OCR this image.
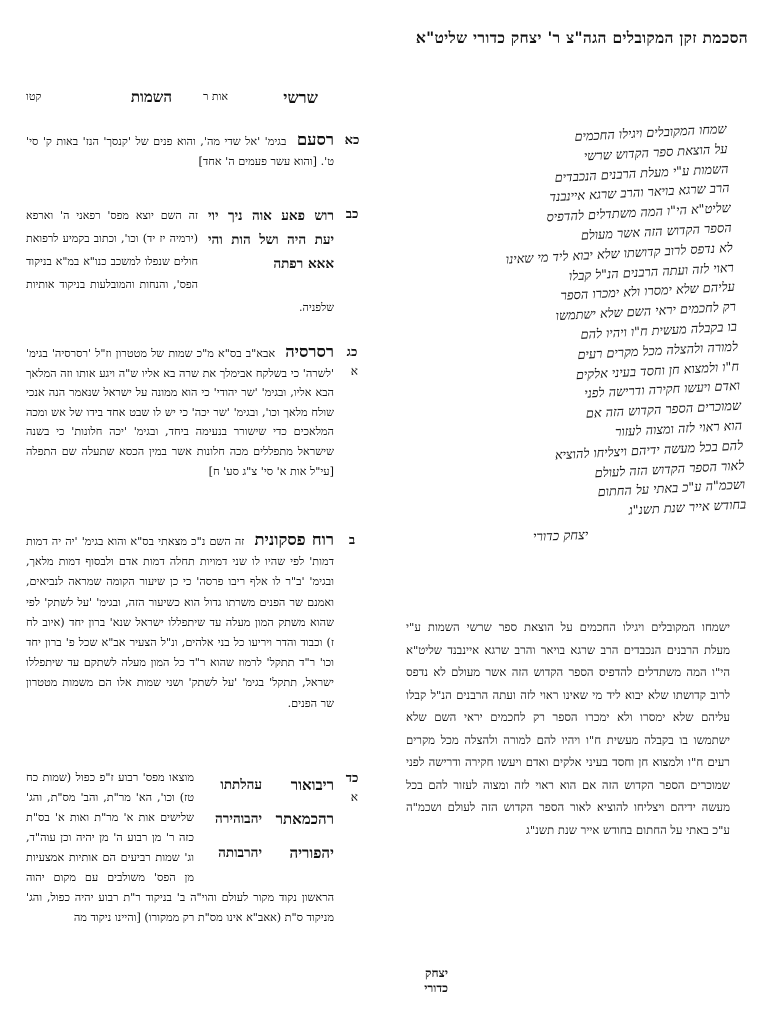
הסכמת זקן המקובלים הגה"צ ר' יצחק כדורי שליט"א
שמחו המקובלים ויגילו החכמים
על הוצאת ספר הקדוש שרשי
השמות ע"י מעלת הרבנים הנכבדים
הרב שרגא בויאר והרב שרגא איינבנד
שליט"א הי"ו המה משתדלים להדפיס
הספר הקדוש הזה אשר מעולם
לא נדפס לרוב קדושתו שלא יבוא ליד מי שאינו
ראוי לזה ועתה הרבנים הנ"ל קבלו
עליהם שלא ימסרו ולא ימכרו הספר
רק לחכמים יראי השם שלא ישתמשו
בו בקבלה מעשית ח"ו ויהיו להם
למורה ולהצלה מכל מקרים רעים
ח"ו ולמצוא חן וחסד בעיני אלקים
ואדם ויעשו חקירה ודרישה לפני
שמוכרים הספר הקדוש הזה אם
הוא ראוי לזה ומצוה לעזור
להם בכל מעשה ידיהם ויצליחו להוציא
לאור הספר הקדוש הזה לעולם
ושכמ"ה ע"כ באתי על החתום
בחודש אייר שנת תשנ"ג
יצחק כדורי
ישמחו המקובלים ויגילו החכמים על הוצאת ספר שרשי השמות ע"י מעלת הרבנים הנכבדים הרב שרגא בויאר והרב שרגא איינבנד שליט"א הי"ו המה משתדלים להדפיס הספר הקדוש הזה אשר מעולם לא נדפס לרוב קדושתו שלא יבוא ליד מי שאינו ראוי לזה ועתה הרבנים הנ"ל קבלו עליהם שלא ימסרו ולא ימכרו הספר רק לחכמים יראי השם שלא ישתמשו בו בקבלה מעשית ח"ו ויהיו להם למורה ולהצלה מכל מקרים רעים ח"ו ולמצוא חן וחסד בעיני אלקים ואדם ויעשו חקירה ודרישה לפני שמוכרים הספר הקדוש הזה אם הוא ראוי לזה ומצוה לעזור להם בכל מעשה ידיהם ויצליחו להוציא לאור הספר הקדוש הזה לעולם ושכמ"ה ע"כ באתי על החתום בחודש אייר שנת תשנ"ג
יצחק כדורי
שרשי
אות ר
השמות
קטו
כא
רסעם בגימ' 'אל שדי מה', והוא פנים של 'קנסך' הנז' באות ק' סי' ט'. [והוא עשר פעמים ה' אחד]
כב
רוש פאע אוה ניך יוי יעת היה ושל הות והי אאא רפתה
זה השם יוצא מפס' רפאני ה' וארפא (ירמיה יז יד) וכו', וכתוב בקמיע לרפואת חולים שנפלו למשכב כנו"א במ"א בניקוד הפס', והנחות והמובלעות בניקוד אותיות שלפניה.
כג
א
רסרסיה אבא"ב בס"א מ"כ שמות של מטטרון וז"ל 'רסרסיה' בגימ' 'לשרה' כי בשלקח אבימלך את שרה בא אליו ש"ה ויגע אותו וזה המלאך הבא אליו, ובגימ' 'שר יהודי' כי הוא ממונה על ישראל שנאמר הנה אנכי שולח מלאך וכו', ובגימ' 'שר יכה' כי יש לו שבט אחד בידו של אש ומכה המלאכים כדי שישורר בנעימה ביחד, ובגימ' 'יכה חלונות' כי בשנה שישראל מתפללים מכה חלונות אשר במין הכסא שתעלה שם התפלה [עי"ל אות א' סי' צ"ג סע' ח]
ב
רוח פסקונית זה השם נ"כ מצאתי בס"א והוא בגימ' 'יה יה דמות דמות' לפי שהיו לו שני דמויות תחלה דמות אדם ולבסוף דמות מלאך, ובגימ' 'ב"ר לו אלף ריבו פרסה' כי כן שיעור הקומה שמראה לנביאים, ואמנם שר הפנים משרתו גדול הוא כשיעור הזה, ובגימ' 'על לשתק' לפי שהוא משתק המון מעלה עד שיתפללו ישראל שנא' ברון יחד (איוב לח ז) וכבוד והדר ויריעו כל בני אלהים, ונ"ל הצעיר אב"א שכל פ' ברון יחד וכו' ר"ד תתקל' לרמוז שהוא ר"ד כל המון מעלה לשתקם עד שיתפללו ישראל, תתקל' בגימ' 'על לשתק' ושני שמות אלו הם משמות מטטרון שר הפנים.
כד
א
ריבואור
רהכמאתר
יהפוריה
עהלתתו
יהבוהירה
יהרבותה
מוצאו מפס' רבוע ז"פ כפול (שמות כח טז) וכו', הא' מר"ת, והב' מס"ת, והג' שלישים אות א' מר"ת ואות א' בס"ת כזה ר' מן רבוע ה' מן יהיה וכן עוה"ד, וג' שמות רביעים הם אותיות אמצעיות מן הפס' משולבים עם מקום יהוה הראשון נקוד מקור לעולם והוי"ה ב' בניקוד ר"ת רבוע יהיה כפול, והג' מניקוד ס"ת (אאב"א אינו מס"ת רק ממקורו) [והיינו ניקוד מה
